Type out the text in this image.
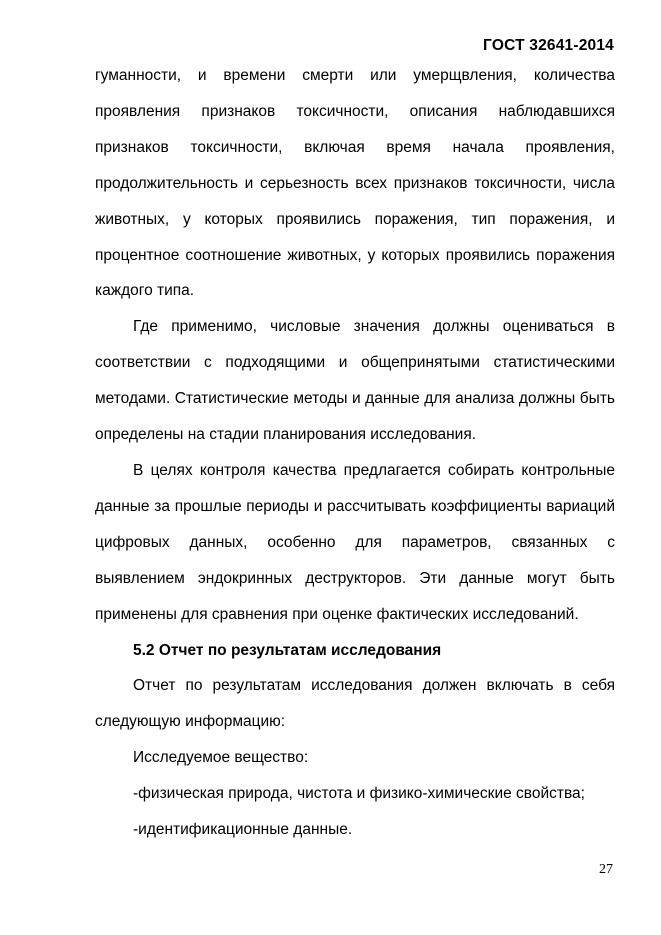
ГОСТ 32641-2014

гуманности, и времени смерти или умерщвления, количества проявления признаков токсичности, описания наблюдавшихся признаков токсичности, включая время начала проявления, продолжительность и серьезность всех признаков токсичности, числа животных, у которых проявились поражения, тип поражения, и процентное соотношение животных, у которых проявились поражения каждого типа.

Где применимо, числовые значения должны оцениваться в соответствии с подходящими и общепринятыми статистическими методами. Статистические методы и данные для анализа должны быть определены на стадии планирования исследования.

В целях контроля качества предлагается собирать контрольные данные за прошлые периоды и рассчитывать коэффициенты вариаций цифровых данных, особенно для параметров, связанных с выявлением эндокринных деструкторов. Эти данные могут быть применены для сравнения при оценке фактических исследований.

5.2 Отчет по результатам исследования

Отчет по результатам исследования должен включать в себя следующую информацию:

Исследуемое вещество:

-физическая природа, чистота и физико-химические свойства;

-идентификационные данные.

27
